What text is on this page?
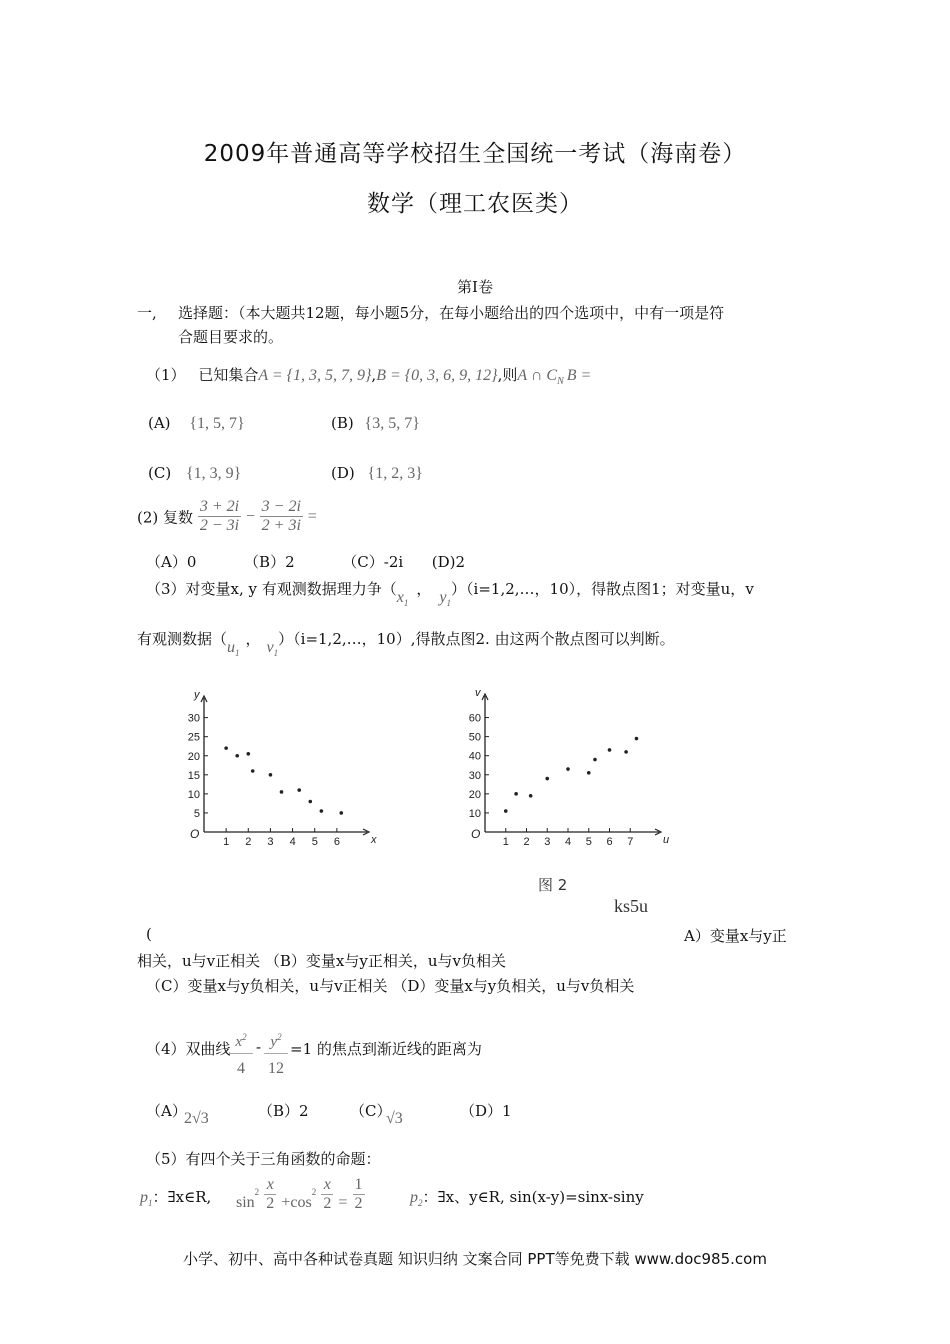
2009年普通高等学校招生全国统一考试（海南卷）
数学（理工农医类）
第I卷
一, 选择题：（本大题共12题，每小题5分，在每小题给出的四个选项中，中有一项是符
合题目要求的。
（1） 已知集合A = {1, 3, 5, 7, 9},B = {0, 3, 6, 9, 12},则A ∩ $C_N$ B =
(A) {1, 5, 7}	(B) {3, 5, 7}
(C) {1, 3, 9}	(D) {1, 2, 3}
(2) 复数 $\frac{3 + 2i}{2 - 3i} - \frac{3 - 2i}{2 + 3i}$ =
（A）0          （B）2          （C）-2i      (D)2
（3）对变量x, y 有观测数据理力争（$x_1$， $y_1)(i=1,2,\dots$，10），得散点图1；对变量u，v
有观测数据（$u_1$， $v_1)(i=1,2,\dots$，10）,得散点图2. 由这两个散点图可以判断。
y
x
O
1 2 3 4 5 6
5
10
15
20
25
30
v
u
O
1 2 3 4 5 6 7
10
20
30
40
50
60
图 2
ks5u
(	A）变量x与y正
相关，u与v正相关 （B）变量x与y正相关，u与v负相关
（C）变量x与y负相关，u与v正相关 （D）变量x与y负相关，u与v负相关
（4）双曲线 $x^2$
4
- $y^2$
12
=1 的焦点到渐近线的距离为
（A）
2√3	（B）2	（C）
√3	（D）1
（5）有四个关于三角函数的命题：
$p_1$：∃x∈R, $\sin^2 \frac{x}{2} +\cos^2 \frac{x}{2} = \frac{1}{2}$	$p_2$：∃x、y∈R, sin(x-y)=sinx-siny
小学、初中、高中各种试卷真题 知识归纳 文案合同 PPT等免费下载 www.doc985.com
